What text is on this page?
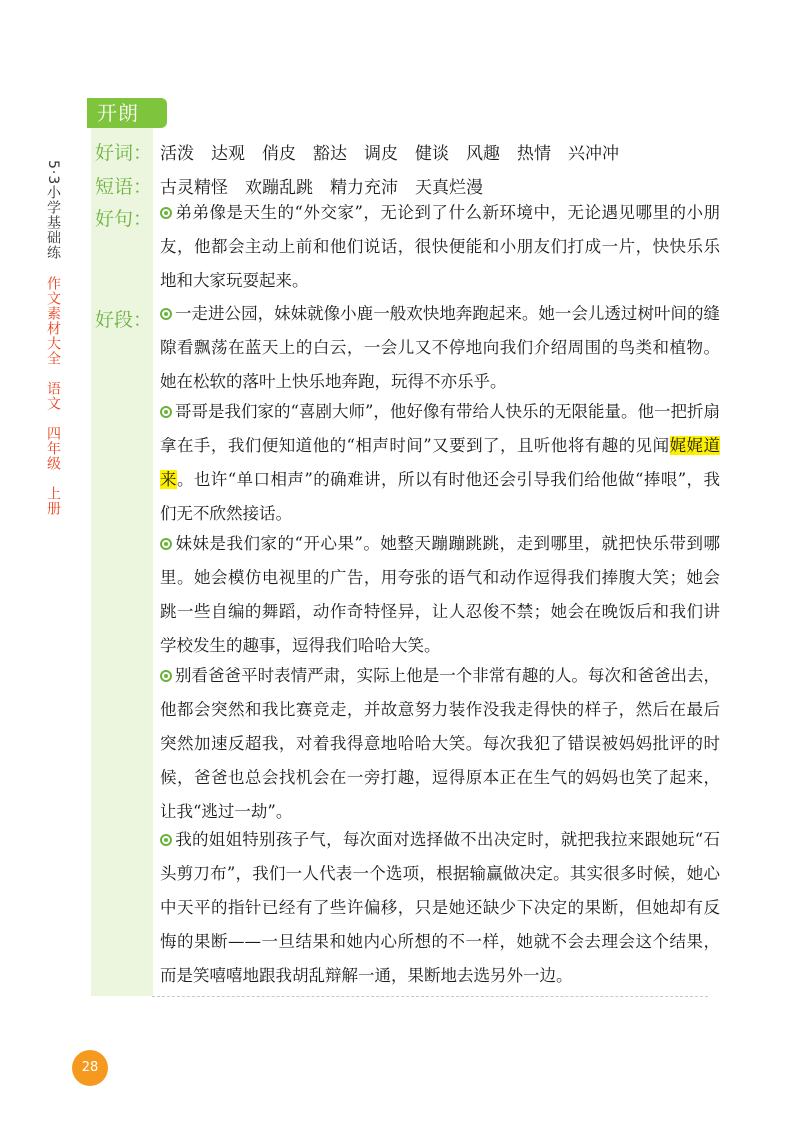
5·3小学基础练
作文素材大全　语文　四年级　上册
开朗
好词： 活泼 达观 俏皮 豁达 调皮 健谈 风趣 热情 兴冲冲
短语： 古灵精怪 欢蹦乱跳 精力充沛 天真烂漫
好句：	弟弟像是天生的“外交家”，无论到了什么新环境中，无论遇见哪里的小朋友，他都会主动上前和他们说话，很快便能和小朋友们打成一片，快快乐乐地和大家玩耍起来。
好段：	一走进公园，妹妹就像小鹿一般欢快地奔跑起来。她一会儿透过树叶间的缝隙看飘荡在蓝天上的白云，一会儿又不停地向我们介绍周围的鸟类和植物。她在松软的落叶上快乐地奔跑，玩得不亦乐乎。
哥哥是我们家的“喜剧大师”，他好像有带给人快乐的无限能量。他一把折扇拿在手，我们便知道他的“相声时间”又要到了，且听他将有趣的见闻娓娓道来。也许“单口相声”的确难讲，所以有时他还会引导我们给他做“捧哏”，我们无不欣然接话。
妹妹是我们家的“开心果”。她整天蹦蹦跳跳，走到哪里，就把快乐带到哪里。她会模仿电视里的广告，用夸张的语气和动作逗得我们捧腹大笑；她会跳一些自编的舞蹈，动作奇特怪异，让人忍俊不禁；她会在晚饭后和我们讲学校发生的趣事，逗得我们哈哈大笑。
别看爸爸平时表情严肃，实际上他是一个非常有趣的人。每次和爸爸出去，他都会突然和我比赛竞走，并故意努力装作没我走得快的样子，然后在最后突然加速反超我，对着我得意地哈哈大笑。每次我犯了错误被妈妈批评的时候，爸爸也总会找机会在一旁打趣，逗得原本正在生气的妈妈也笑了起来，让我“逃过一劫”。
我的姐姐特别孩子气，每次面对选择做不出决定时，就把我拉来跟她玩“石头剪刀布”，我们一人代表一个选项，根据输赢做决定。其实很多时候，她心中天平的指针已经有了些许偏移，只是她还缺少下决定的果断，但她却有反悔的果断——一旦结果和她内心所想的不一样，她就不会去理会这个结果，而是笑嘻嘻地跟我胡乱辩解一通，果断地去选另外一边。
28
